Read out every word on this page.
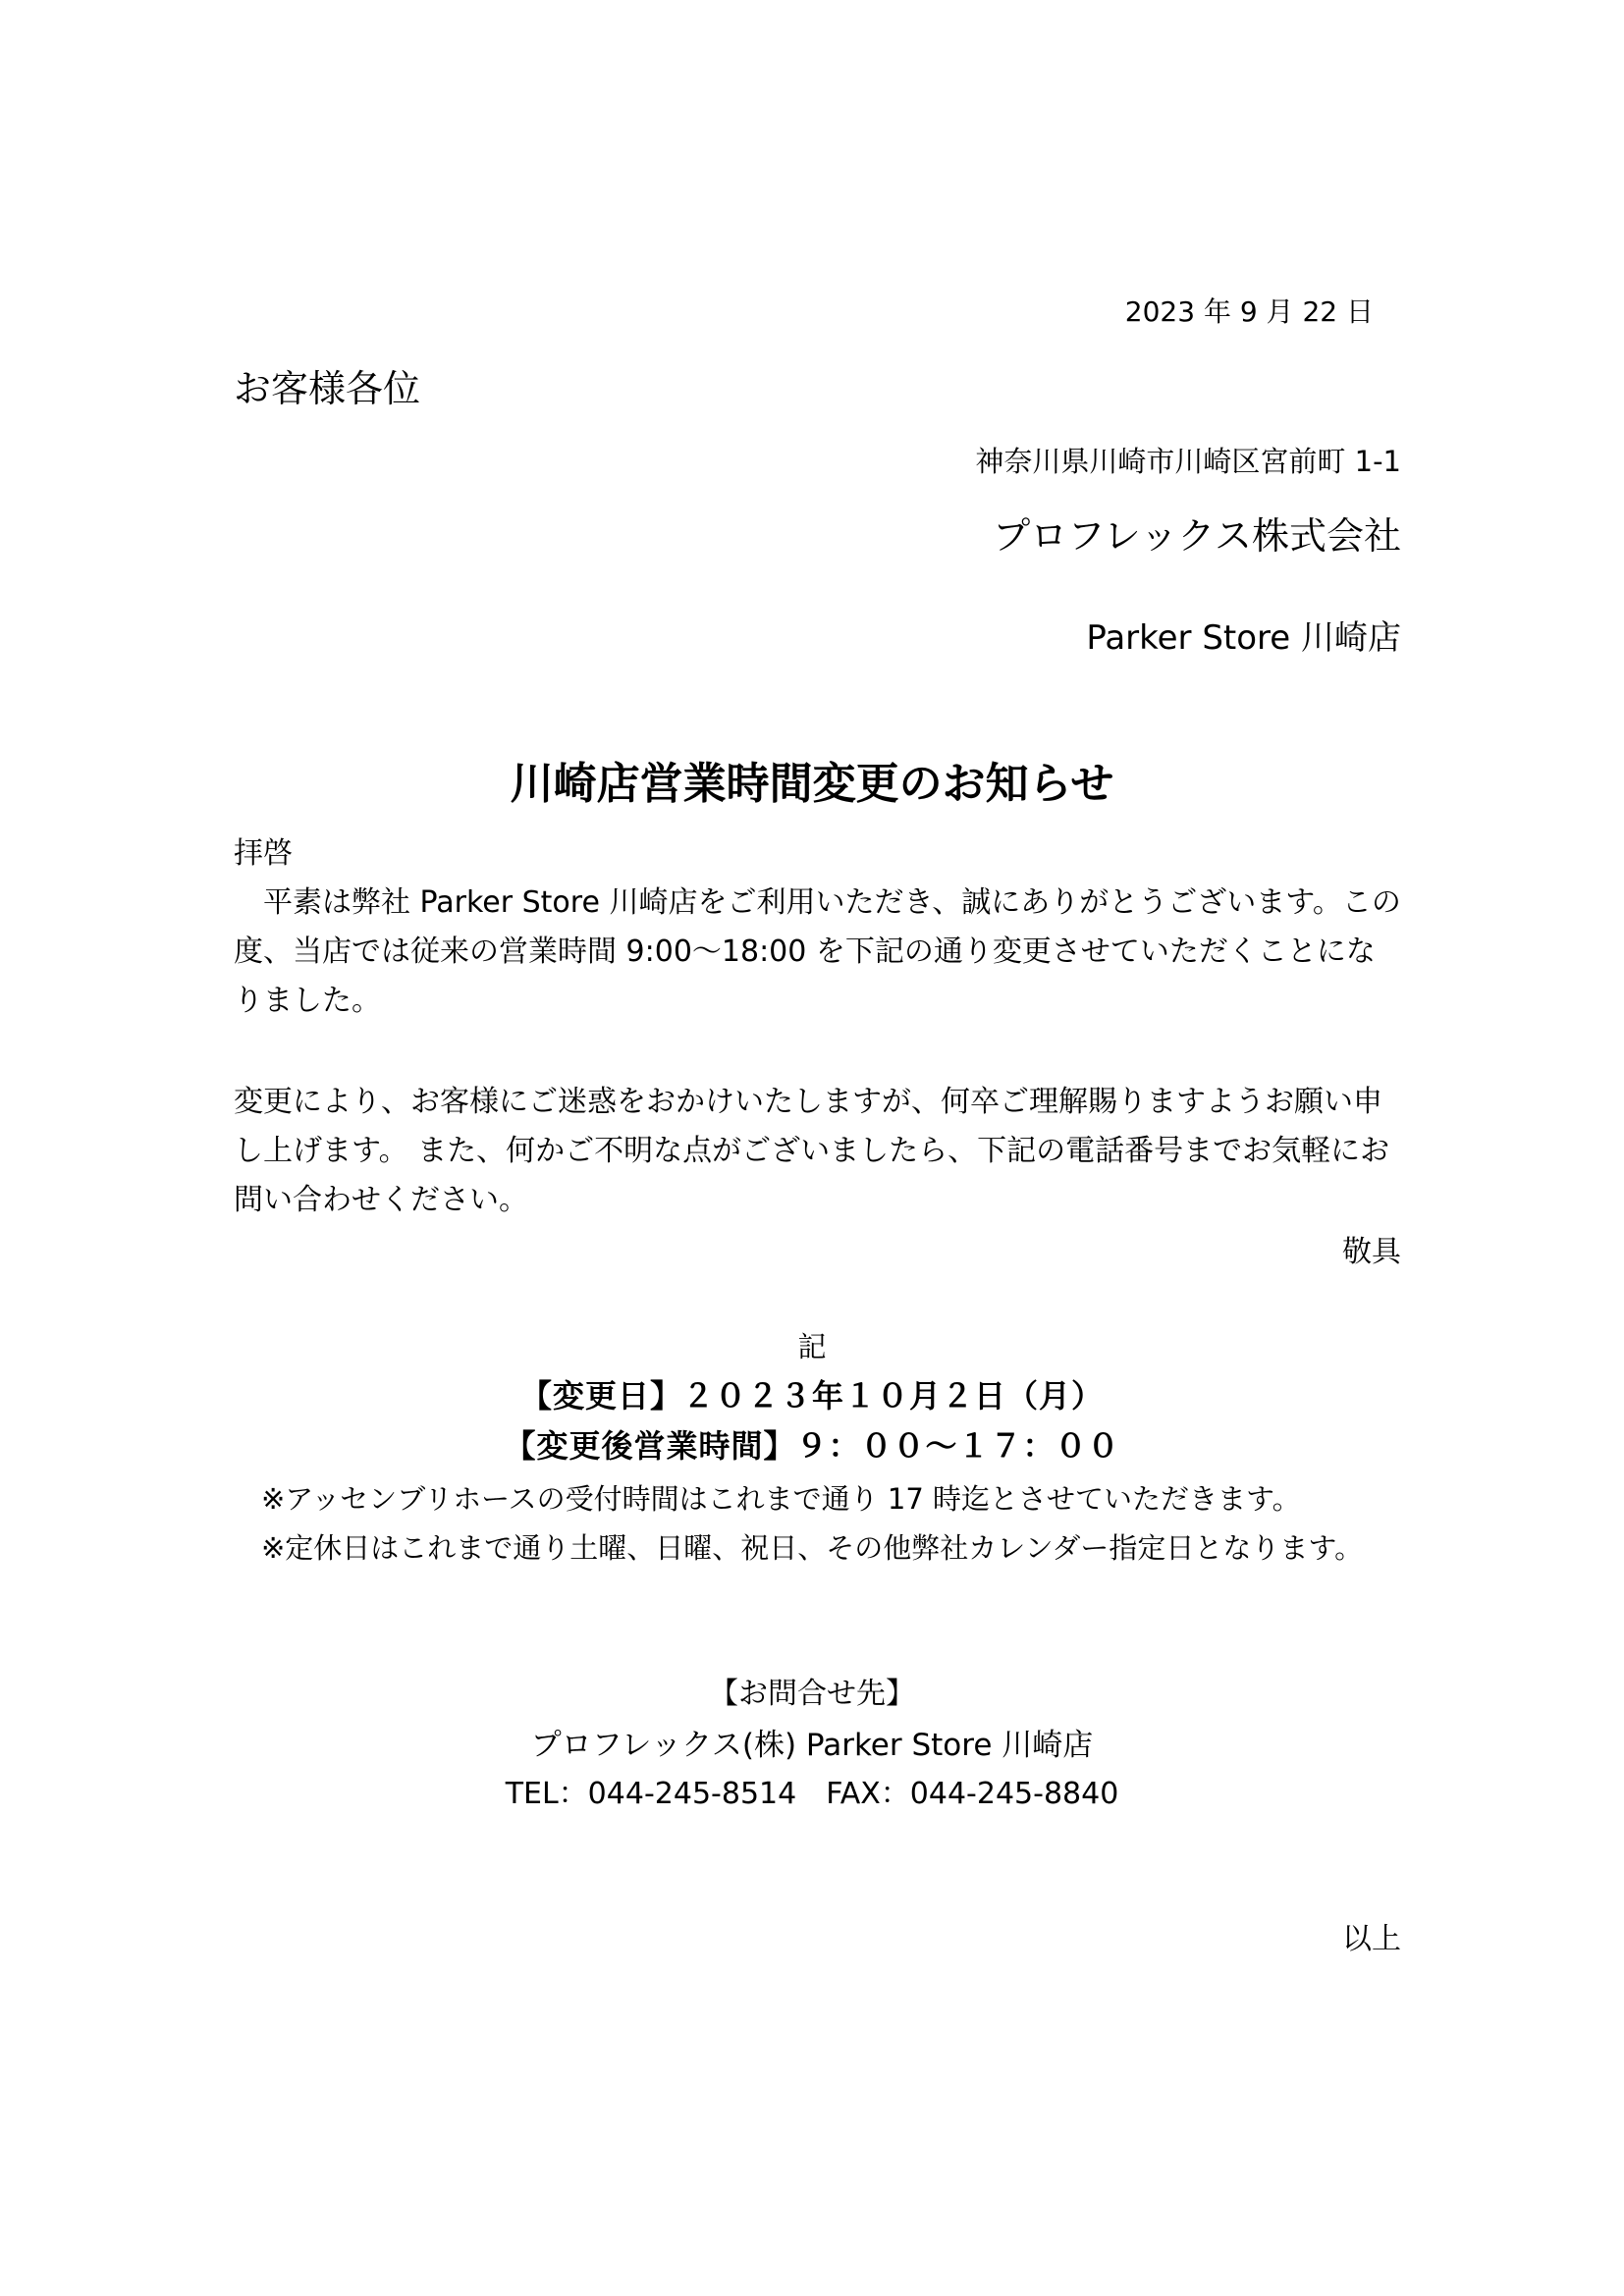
2023 年 9 月 22 日
お客様各位
神奈川県川崎市川崎区宮前町 1-1
プロフレックス株式会社
Parker Store 川崎店
川崎店営業時間変更のお知らせ
拝啓
平素は弊社 Parker Store 川崎店をご利用いただき、誠にありがとうございます。この度、当店では従来の営業時間 9:00～18:00 を下記の通り変更させていただくことになりました。
変更により、お客様にご迷惑をおかけいたしますが、何卒ご理解賜りますようお願い申し上げます。 また、何かご不明な点がございましたら、下記の電話番号までお気軽にお問い合わせください。
敬具
記
【変更日】２０２３年１０月２日（月）
【変更後営業時間】９：００～１７：００
※アッセンブリホースの受付時間はこれまで通り 17 時迄とさせていただきます。
※定休日はこれまで通り土曜、日曜、祝日、その他弊社カレンダー指定日となります。
【お問合せ先】
プロフレックス(株) Parker Store 川崎店
TEL：044-245-8514　FAX：044-245-8840
以上
